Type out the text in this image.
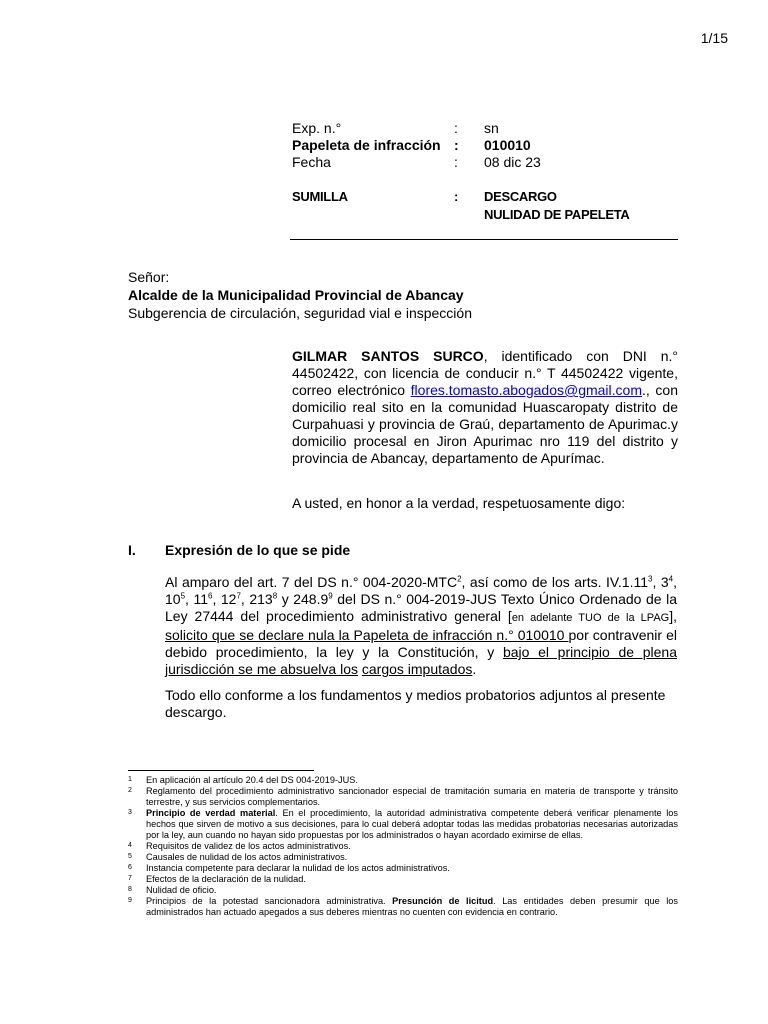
1/15
Exp. n.°	:	sn
Papeleta de infracción :	010010
Fecha	:	08 dic 23
SUMILLA	:	DESCARGO
NULIDAD DE PAPELETA
Señor:
Alcalde de la Municipalidad Provincial de Abancay
Subgerencia de circulación, seguridad vial e inspección
GILMAR SANTOS SURCO, identificado con DNI n.° 44502422, con licencia de conducir n.° T 44502422 vigente, correo electrónico flores.tomasto.abogados@gmail.com., con domicilio real sito en la comunidad Huascaropaty distrito de Curpahuasi y provincia de Graú, departamento de Apurimac.y domicilio procesal en Jiron Apurimac nro 119 del distrito y provincia de Abancay, departamento de Apurímac.
A usted, en honor a la verdad, respetuosamente digo:
I.	Expresión de lo que se pide
Al amparo del art. 7 del DS n.° 004-2020-MTC$^2$, así como de los arts. IV.1.11$^3$, $3^4$, $10^5$, $11^6$, $12^7$, $213^8$ y 248.9$^9$ del DS n.° 004-2019-JUS Texto Único Ordenado de la Ley 27444 del procedimiento administrativo general [en adelante TUO de la LPAG], solicito que se declare nula la Papeleta de infracción n.° 010010 por contravenir el debido procedimiento, la ley y la Constitución, y bajo el principio de plena jurisdicción se me absuelva los cargos imputados.
Todo ello conforme a los fundamentos y medios probatorios adjuntos al presente descargo.
1	En aplicación al artículo 20.4 del DS 004-2019-JUS.
2	Reglamento del procedimiento administrativo sancionador especial de tramitación sumaria en materia de transporte y tránsito terrestre, y sus servicios complementarios.
3	Principio de verdad material. En el procedimiento, la autoridad administrativa competente deberá verificar plenamente los hechos que sirven de motivo a sus decisiones, para lo cual deberá adoptar todas las medidas probatorias necesarias autorizadas por la ley, aun cuando no hayan sido propuestas por los administrados o hayan acordado eximirse de ellas.
4	Requisitos de validez de los actos administrativos.
5	Causales de nulidad de los actos administrativos.
6	Instancia competente para declarar la nulidad de los actos administrativos.
7	Efectos de la declaración de la nulidad.
8	Nulidad de oficio.
9	Principios de la potestad sancionadora administrativa. Presunción de licitud. Las entidades deben presumir que los administrados han actuado apegados a sus deberes mientras no cuenten con evidencia en contrario.
